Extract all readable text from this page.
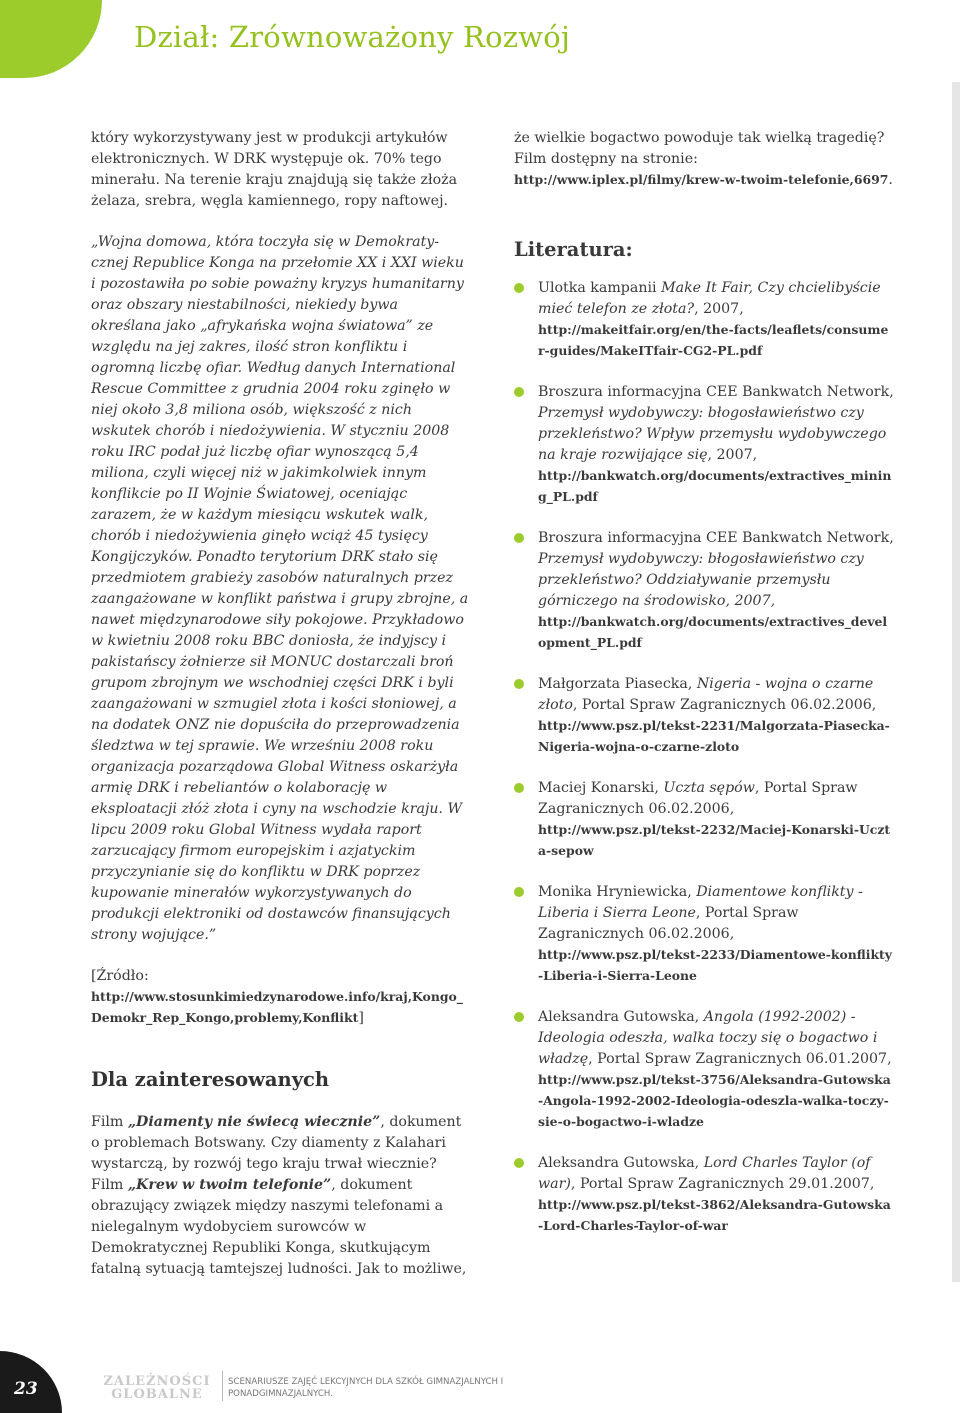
Dział: Zrównoważony Rozwój

który wykorzystywany jest w produkcji artykułów elektronicznych. W DRK występuje ok. 70% tego minerału. Na terenie kraju znajdują się także złoża żelaza, srebra, węgla kamiennego, ropy naftowej.

„Wojna domowa, która toczyła się w Demokraty-cznej Republice Konga na przełomie XX i XXI wieku i pozostawiła po sobie poważny kryzys humanitarny oraz obszary niestabilności, niekiedy bywa określana jako „afrykańska wojna światowa” ze względu na jej zakres, ilość stron konfliktu i ogromną liczbę ofiar. Według danych International Rescue Committee z grudnia 2004 roku zginęło w niej około 3,8 miliona osób, większość z nich wskutek chorób i niedożywienia. W styczniu 2008 roku IRC podał już liczbę ofiar wynoszącą 5,4 miliona, czyli więcej niż w jakimkolwiek innym konflikcie po II Wojnie Światowej, oceniając zarazem, że w każdym miesiącu wskutek walk, chorób i niedożywienia ginęło wciąż 45 tysięcy Kongijczyków. Ponadto terytorium DRK stało się przedmiotem grabieży zasobów naturalnych przez zaangażowane w konflikt państwa i grupy zbrojne, a nawet międzynarodowe siły pokojowe. Przykładowo w kwietniu 2008 roku BBC doniosła, że indyjscy i pakistańscy żołnierze sił MONUC dostarczali broń grupom zbrojnym we wschodniej części DRK i byli zaangażowani w szmugiel złota i kości słoniowej, a na dodatek ONZ nie dopuściła do przeprowadzenia śledztwa w tej sprawie. We wrześniu 2008 roku organizacja pozarządowa Global Witness oskarżyła armię DRK i rebeliantów o kolaborację w eksploatacji złóż złota i cyny na wschodzie kraju. W lipcu 2009 roku Global Witness wydała raport zarzucający firmom europejskim i azjatyckim przyczynianie się do konfliktu w DRK poprzez kupowanie minerałów wykorzystywanych do produkcji elektroniki od dostawców finansujących strony wojujące.”

[Źródło:
http://www.stosunkimiedzynarodowe.info/kraj,Kongo_Demokr_Rep_Kongo,problemy,Konflikt]

Dla zainteresowanych

Film „Diamenty nie świecą wiecznie”, dokument o problemach Botswany. Czy diamenty z Kalahari wystarczą, by rozwój tego kraju trwał wiecznie? Film „Krew w twoim telefonie”, dokument obrazujący związek między naszymi telefonami a nielegalnym wydobyciem surowców w Demokratycznej Republiki Konga, skutkującym fatalną sytuacją tamtejszej ludności. Jak to możliwe,

że wielkie bogactwo powoduje tak wielką tragedię? Film dostępny na stronie:
http://www.iplex.pl/filmy/krew-w-twoim-telefonie,6697.

Literatura:
Ulotka kampanii Make It Fair, Czy chcielibyście mieć telefon ze złota?, 2007,
http://makeitfair.org/en/the-facts/leaflets/consumer-guides/MakeITfair-CG2-PL.pdf
Broszura informacyjna CEE Bankwatch Network, Przemysł wydobywczy: błogosławieństwo czy przekleństwo? Wpływ przemysłu wydobywczego na kraje rozwijające się, 2007,
http://bankwatch.org/documents/extractives_mining_PL.pdf
Broszura informacyjna CEE Bankwatch Network, Przemysł wydobywczy: błogosławieństwo czy przekleństwo? Oddziaływanie przemysłu górniczego na środowisko, 2007,
http://bankwatch.org/documents/extractives_development_PL.pdf
Małgorzata Piasecka, Nigeria - wojna o czarne złoto, Portal Spraw Zagranicznych 06.02.2006,
http://www.psz.pl/tekst-2231/Malgorzata-Piasecka-Nigeria-wojna-o-czarne-zloto
Maciej Konarski, Uczta sępów, Portal Spraw Zagranicznych 06.02.2006,
http://www.psz.pl/tekst-2232/Maciej-Konarski-Uczta-sepow
Monika Hryniewicka, Diamentowe konflikty - Liberia i Sierra Leone, Portal Spraw Zagranicznych 06.02.2006,
http://www.psz.pl/tekst-2233/Diamentowe-konflikty-Liberia-i-Sierra-Leone
Aleksandra Gutowska, Angola (1992-2002) - Ideologia odeszła, walka toczy się o bogactwo i władzę, Portal Spraw Zagranicznych 06.01.2007,
http://www.psz.pl/tekst-3756/Aleksandra-Gutowska-Angola-1992-2002-Ideologia-odeszla-walka-toczy-sie-o-bogactwo-i-wladze
Aleksandra Gutowska, Lord Charles Taylor (of war), Portal Spraw Zagranicznych 29.01.2007,
http://www.psz.pl/tekst-3862/Aleksandra-Gutowska-Lord-Charles-Taylor-of-war
23	ZALEŻNOŚCI
GLOBALNE
SCENARIUSZE ZAJĘĆ LEKCYJNYCH DLA SZKÓŁ GIMNAZJALNYCH I PONADGIMNAZJALNYCH.
